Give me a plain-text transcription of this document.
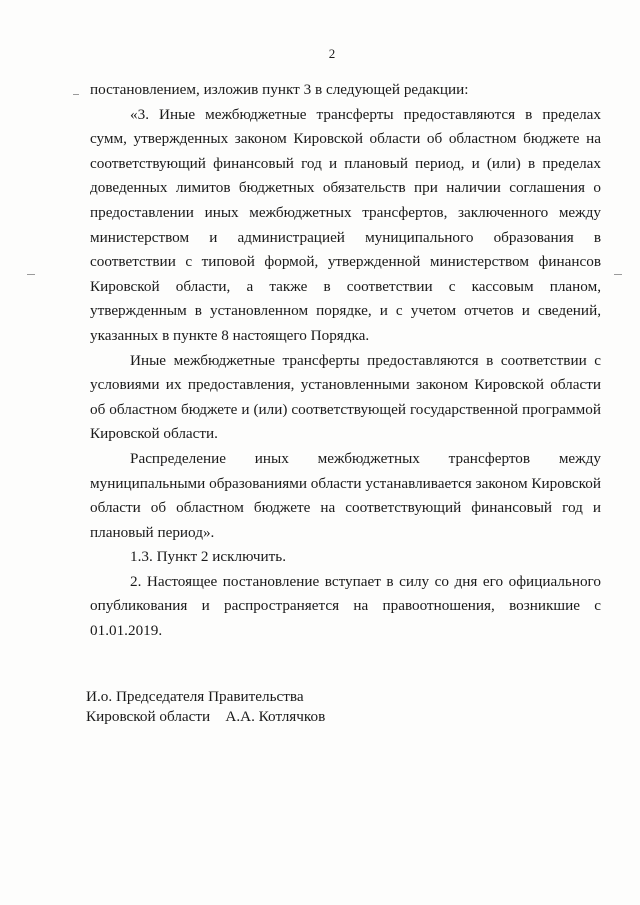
2

постановлением, изложив пункт 3 в следующей редакции:

«3. Иные межбюджетные трансферты предоставляются в пределах сумм, утвержденных законом Кировской области об областном бюджете на соответствующий финансовый год и плановый период, и (или) в пределах доведенных лимитов бюджетных обязательств при наличии соглашения о предоставлении иных межбюджетных трансфертов, заключенного между министерством и администрацией муниципального образования в соответствии с типовой формой, утвержденной министерством финансов Кировской области, а также в соответствии с кассовым планом, утвержденным в установленном порядке, и с учетом отчетов и сведений, указанных в пункте 8 настоящего Порядка.

Иные межбюджетные трансферты предоставляются в соответствии с условиями их предоставления, установленными законом Кировской области об областном бюджете и (или) соответствующей государственной программой Кировской области.

Распределение иных межбюджетных трансфертов между муниципальными образованиями области устанавливается законом Кировской области об областном бюджете на соответствующий финансовый год и плановый период».

1.3. Пункт 2 исключить.

2. Настоящее постановление вступает в силу со дня его официального опубликования и распространяется на правоотношения, возникшие с 01.01.2019.

И.о. Председателя Правительства
Кировской области А.А. Котлячков
